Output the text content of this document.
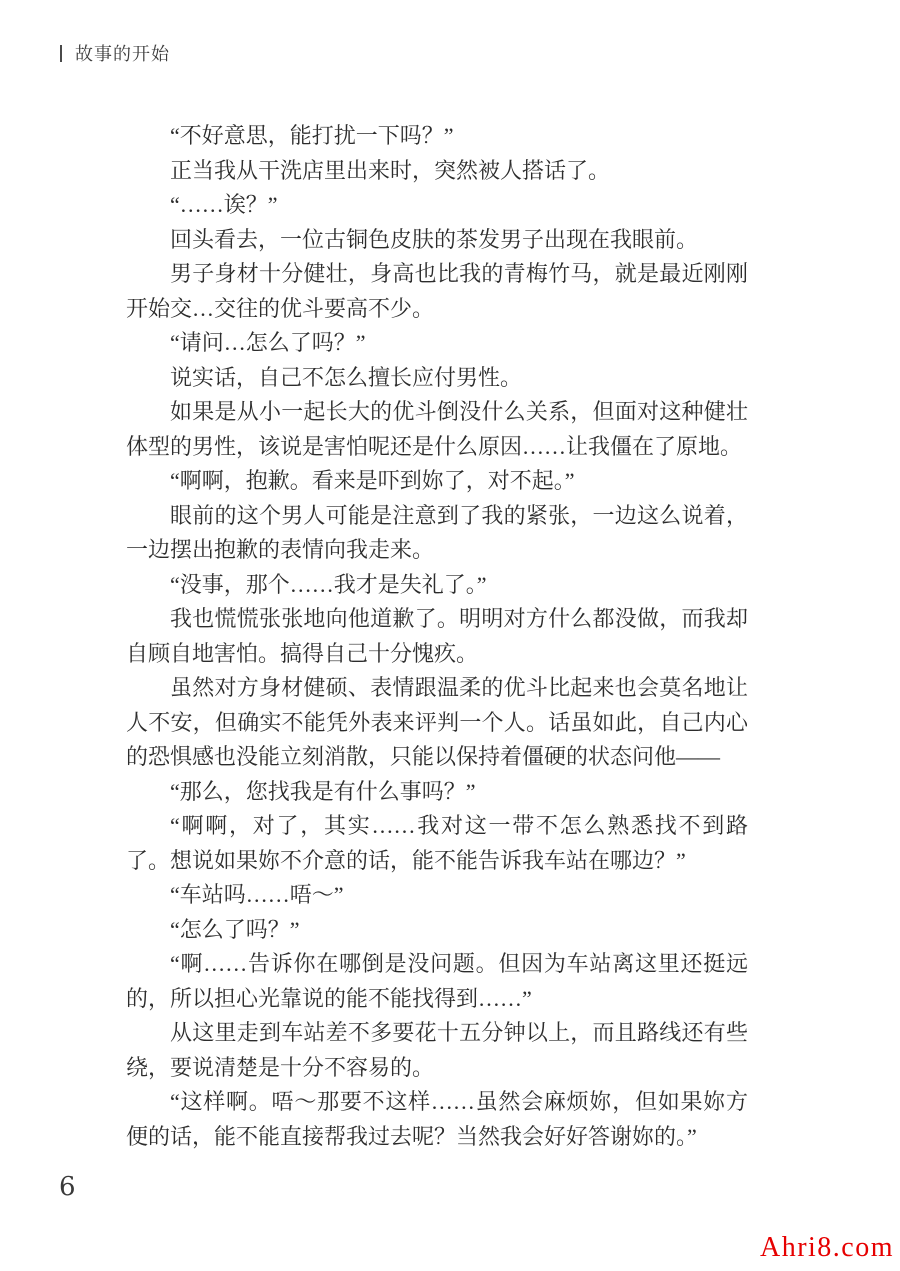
故事的开始

“不好意思，能打扰一下吗？”

正当我从干洗店里出来时，突然被人搭话了。

“……诶？”

回头看去，一位古铜色皮肤的茶发男子出现在我眼前。

男子身材十分健壮，身高也比我的青梅竹马，就是最近刚刚开始交…交往的优斗要高不少。

“请问…怎么了吗？”

说实话，自己不怎么擅长应付男性。

如果是从小一起长大的优斗倒没什么关系，但面对这种健壮体型的男性，该说是害怕呢还是什么原因……让我僵在了原地。

“啊啊，抱歉。看来是吓到妳了，对不起。”

眼前的这个男人可能是注意到了我的紧张，一边这么说着，一边摆出抱歉的表情向我走来。

“没事，那个……我才是失礼了。”

我也慌慌张张地向他道歉了。明明对方什么都没做，而我却自顾自地害怕。搞得自己十分愧疚。

虽然对方身材健硕、表情跟温柔的优斗比起来也会莫名地让人不安，但确实不能凭外表来评判一个人。话虽如此，自己内心的恐惧感也没能立刻消散，只能以保持着僵硬的状态问他——

“那么，您找我是有什么事吗？”

“啊啊，对了，其实……我对这一带不怎么熟悉找不到路了。想说如果妳不介意的话，能不能告诉我车站在哪边？”

“车站吗……唔～”

“怎么了吗？”

“啊……告诉你在哪倒是没问题。但因为车站离这里还挺远的，所以担心光靠说的能不能找得到……”

从这里走到车站差不多要花十五分钟以上，而且路线还有些绕，要说清楚是十分不容易的。

“这样啊。唔～那要不这样……虽然会麻烦妳，但如果妳方便的话，能不能直接帮我过去呢？当然我会好好答谢妳的。”

6
Ahri8.com
